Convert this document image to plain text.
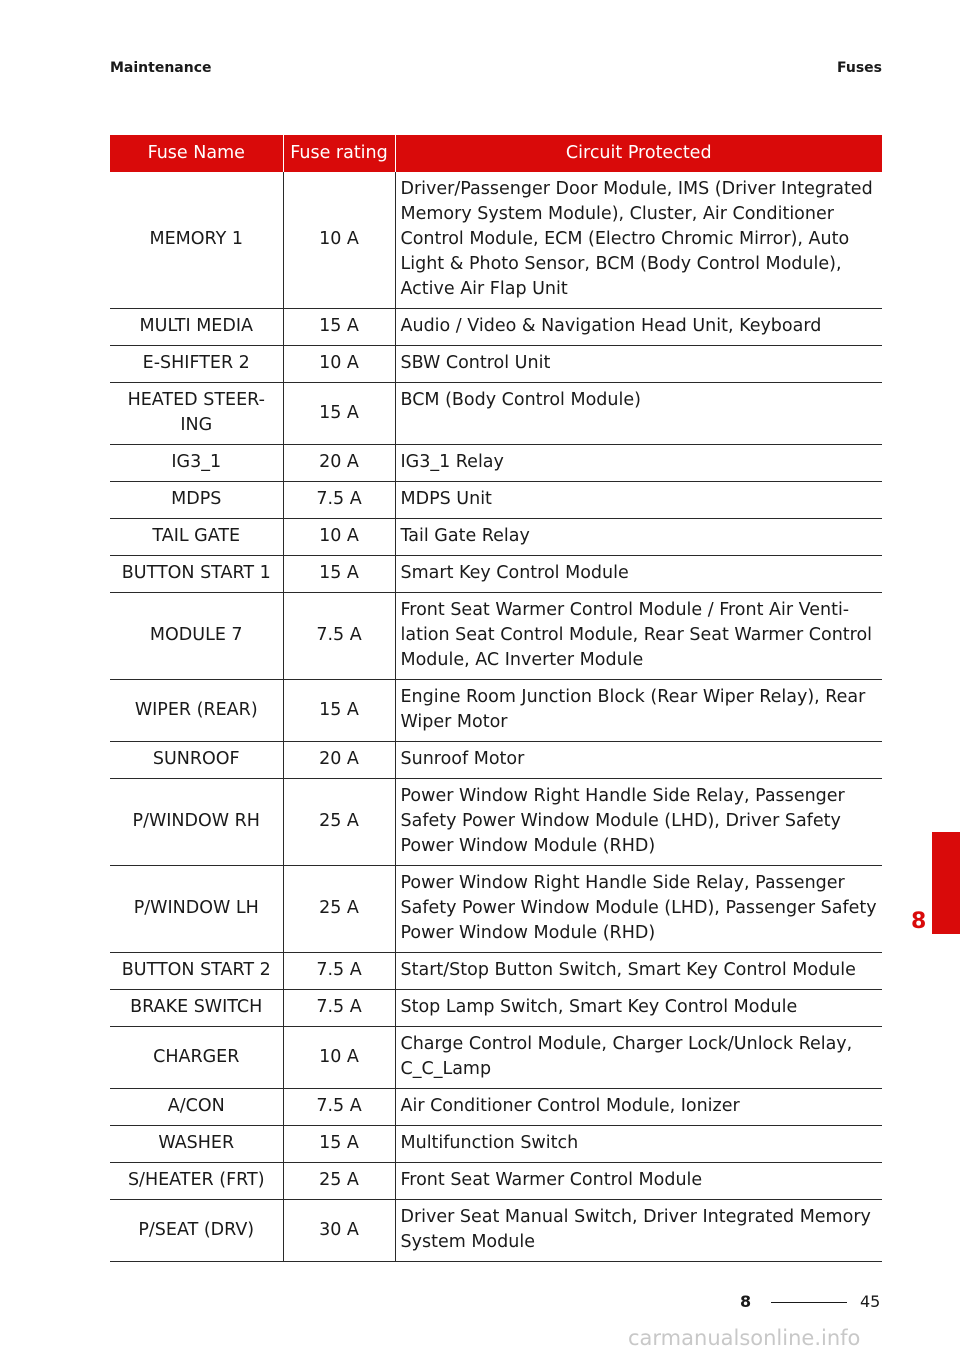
Maintenance	Fuses
Fuse Name	Fuse rating	Circuit Protected
MEMORY 1	10 A	Driver/Passenger Door Module, IMS (Driver Integrated Memory System Module), Cluster, Air Conditioner Control Module, ECM (Electro Chromic Mirror), Auto Light & Photo Sensor, BCM (Body Control Module), Active Air Flap Unit
MULTI MEDIA	15 A	Audio / Video & Navigation Head Unit, Keyboard
E-SHIFTER 2	10 A	SBW Control Unit
HEATED STEER-ING	15 A	BCM (Body Control Module)
IG3_1	20 A	IG3_1 Relay
MDPS	7.5 A	MDPS Unit
TAIL GATE	10 A	Tail Gate Relay
BUTTON START 1	15 A	Smart Key Control Module
MODULE 7	7.5 A	Front Seat Warmer Control Module / Front Air Venti-lation Seat Control Module, Rear Seat Warmer Control Module, AC Inverter Module
WIPER (REAR)	15 A	Engine Room Junction Block (Rear Wiper Relay), Rear Wiper Motor
SUNROOF	20 A	Sunroof Motor
P/WINDOW RH	25 A	Power Window Right Handle Side Relay, Passenger Safety Power Window Module (LHD), Driver Safety Power Window Module (RHD)
P/WINDOW LH	25 A	Power Window Right Handle Side Relay, Passenger Safety Power Window Module (LHD), Passenger Safety Power Window Module (RHD)
BUTTON START 2	7.5 A	Start/Stop Button Switch, Smart Key Control Module
BRAKE SWITCH	7.5 A	Stop Lamp Switch, Smart Key Control Module
CHARGER	10 A	Charge Control Module, Charger Lock/Unlock Relay, C_C_Lamp
A/CON	7.5 A	Air Conditioner Control Module, Ionizer
WASHER	15 A	Multifunction Switch
S/HEATER (FRT)	25 A	Front Seat Warmer Control Module
P/SEAT (DRV)	30 A	Driver Seat Manual Switch, Driver Integrated Memory System Module
8
8	45
carmanualsonline.info
